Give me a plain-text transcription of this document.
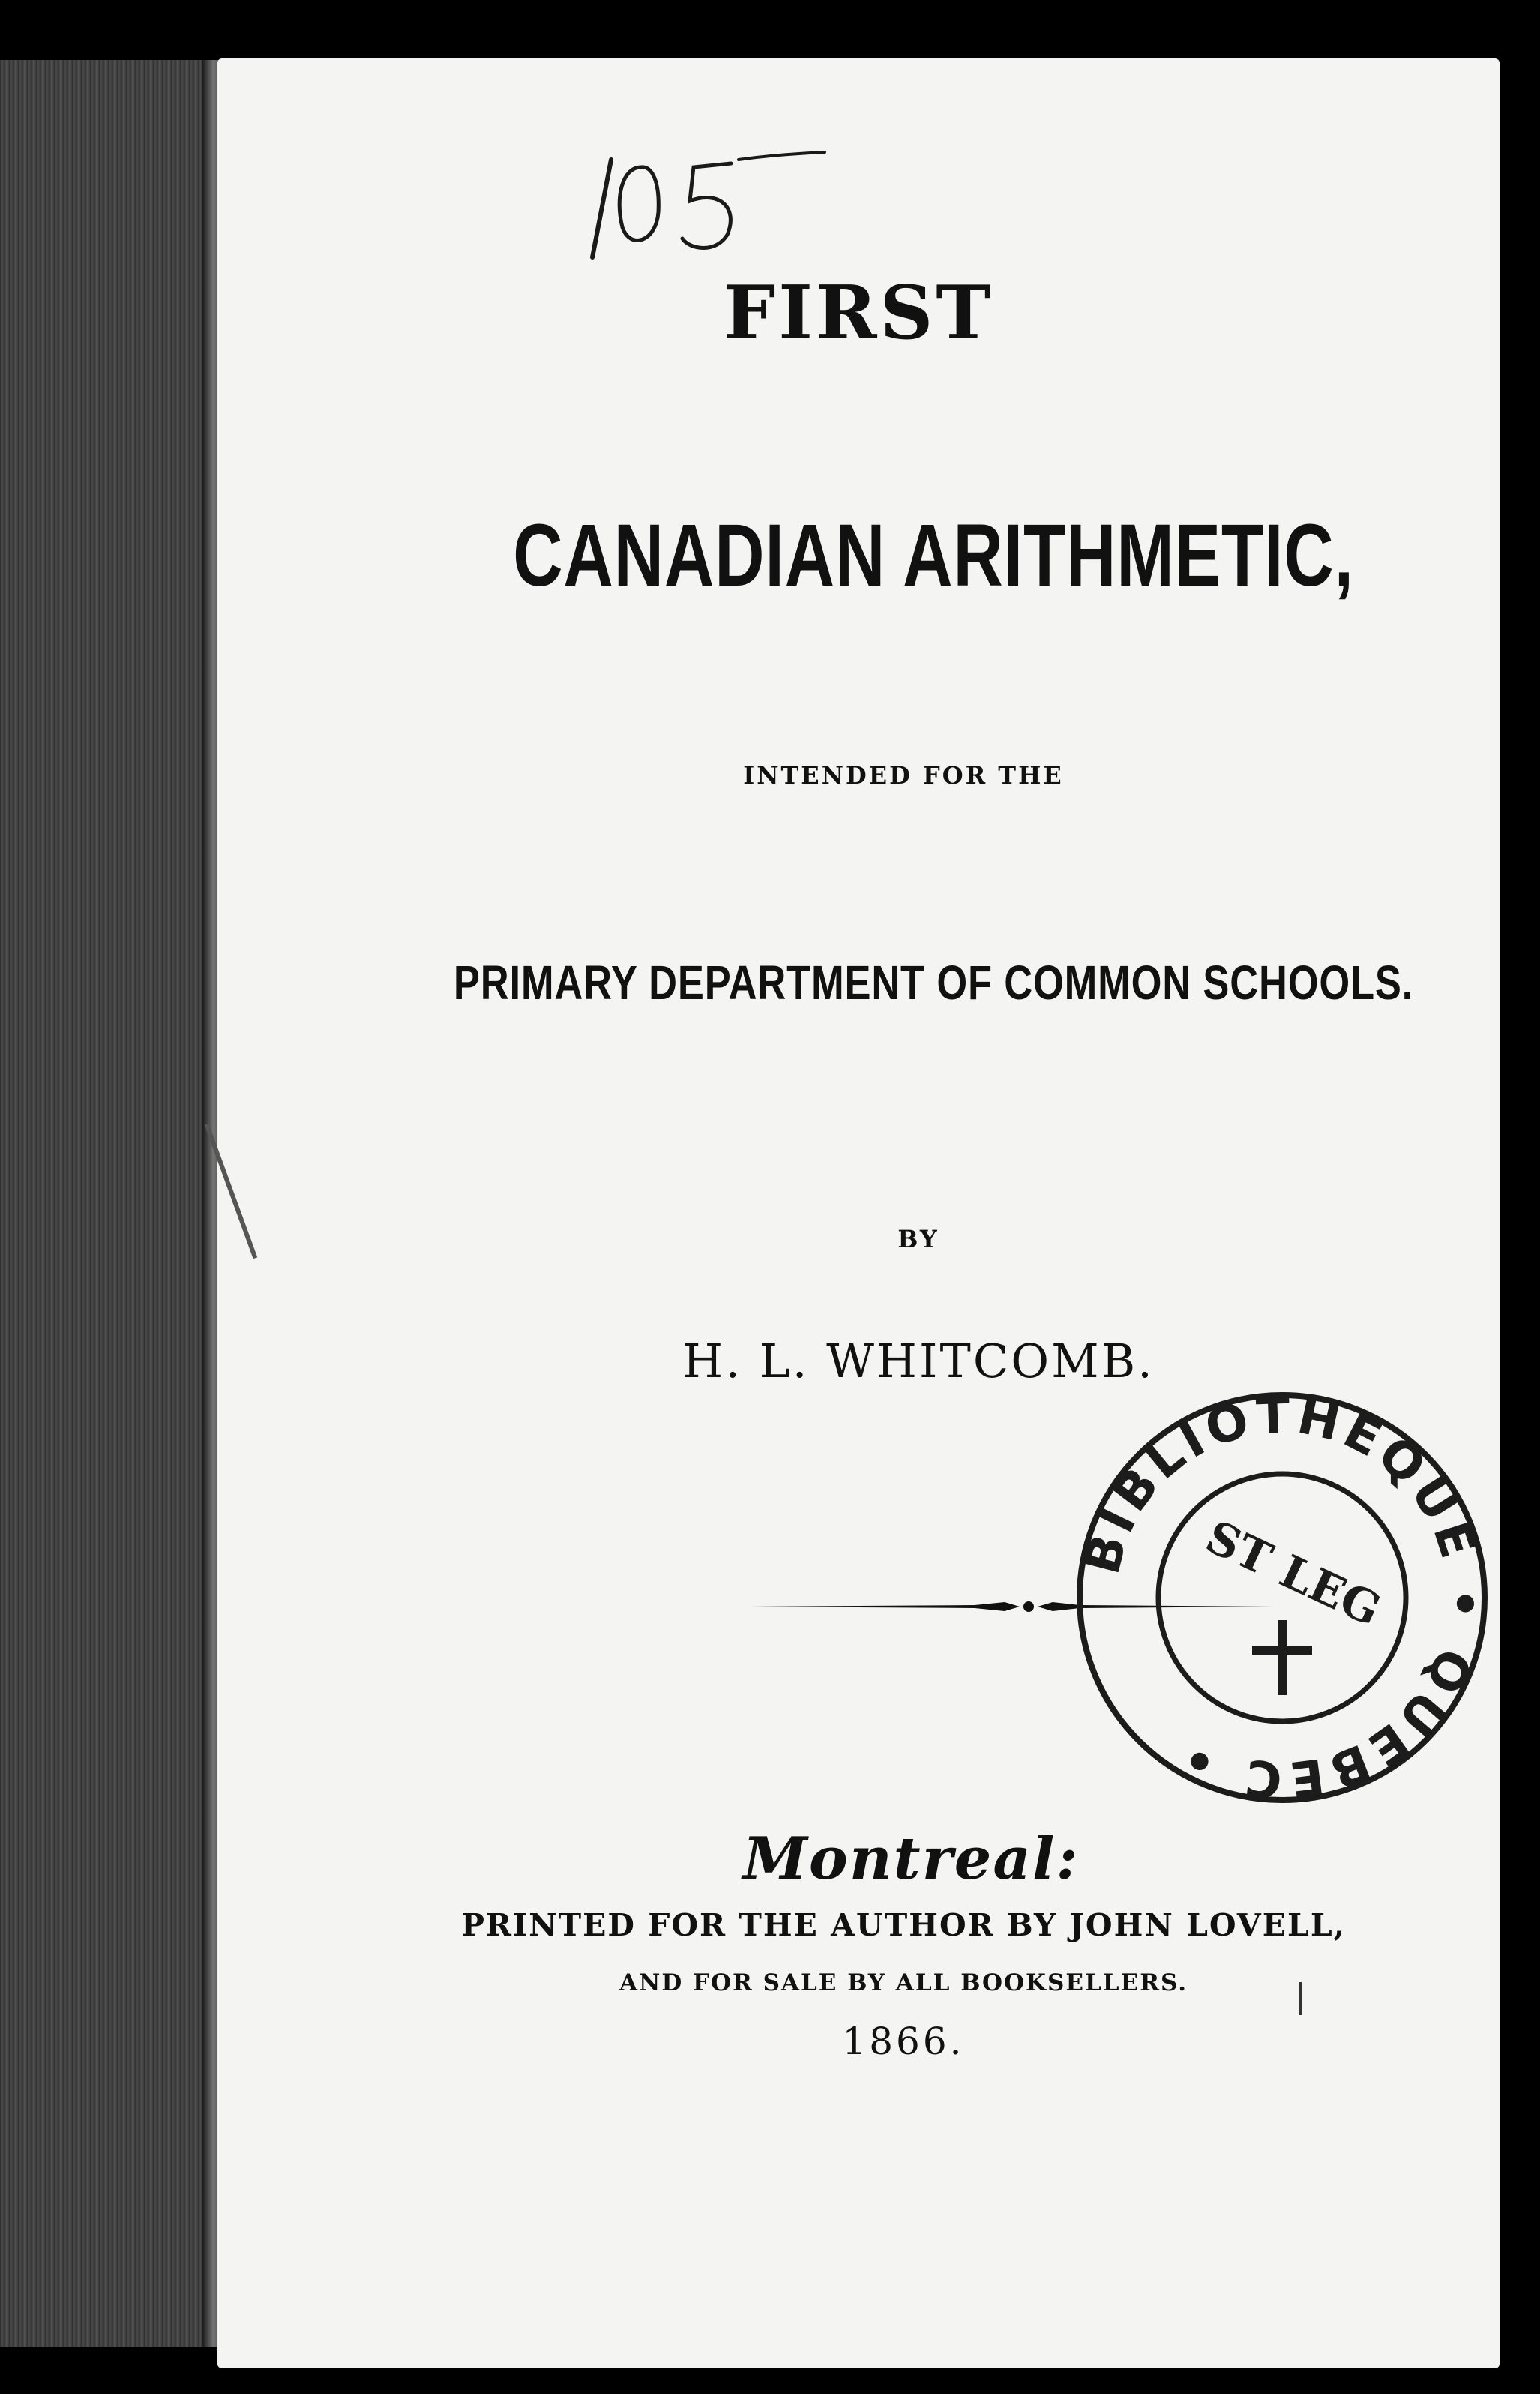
FIRST
CANADIAN ARITHMETIC,

INTENDED FOR THE

PRIMARY DEPARTMENT OF COMMON SCHOOLS.

BY

H. L. WHITCOMB.

Montreal:

PRINTED FOR THE AUTHOR BY JOHN LOVELL,

AND FOR SALE BY ALL BOOKSELLERS.

1866.

BIBLIOTHEQUE • QUEBEC •
ST LEG
